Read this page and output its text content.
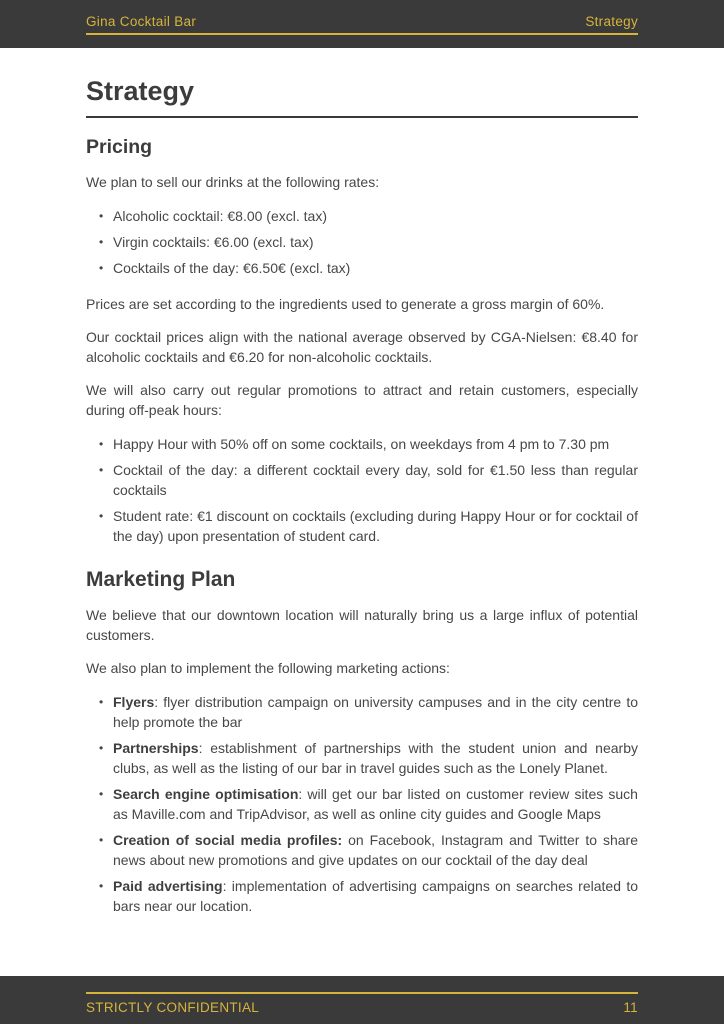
Gina Cocktail Bar	Strategy
Strategy
Pricing

We plan to sell our drinks at the following rates:

• Alcoholic cocktail: €8.00 (excl. tax)
• Virgin cocktails: €6.00 (excl. tax)
• Cocktails of the day: €6.50€ (excl. tax)

Prices are set according to the ingredients used to generate a gross margin of 60%.

Our cocktail prices align with the national average observed by CGA-Nielsen: €8.40 for alcoholic cocktails and €6.20 for non-alcoholic cocktails.

We will also carry out regular promotions to attract and retain customers, especially during off-peak hours:

• Happy Hour with 50% off on some cocktails, on weekdays from 4 pm to 7.30 pm
• Cocktail of the day: a different cocktail every day, sold for €1.50 less than regular cocktails
• Student rate: €1 discount on cocktails (excluding during Happy Hour or for cocktail of the day) upon presentation of student card.
Marketing Plan

We believe that our downtown location will naturally bring us a large influx of potential customers.

We also plan to implement the following marketing actions:

• Flyers: flyer distribution campaign on university campuses and in the city centre to help promote the bar
• Partnerships: establishment of partnerships with the student union and nearby clubs, as well as the listing of our bar in travel guides such as the Lonely Planet.
• Search engine optimisation: will get our bar listed on customer review sites such as Maville.com and TripAdvisor, as well as online city guides and Google Maps
• Creation of social media profiles: on Facebook, Instagram and Twitter to share news about new promotions and give updates on our cocktail of the day deal
• Paid advertising: implementation of advertising campaigns on searches related to bars near our location.
STRICTLY CONFIDENTIAL	11
